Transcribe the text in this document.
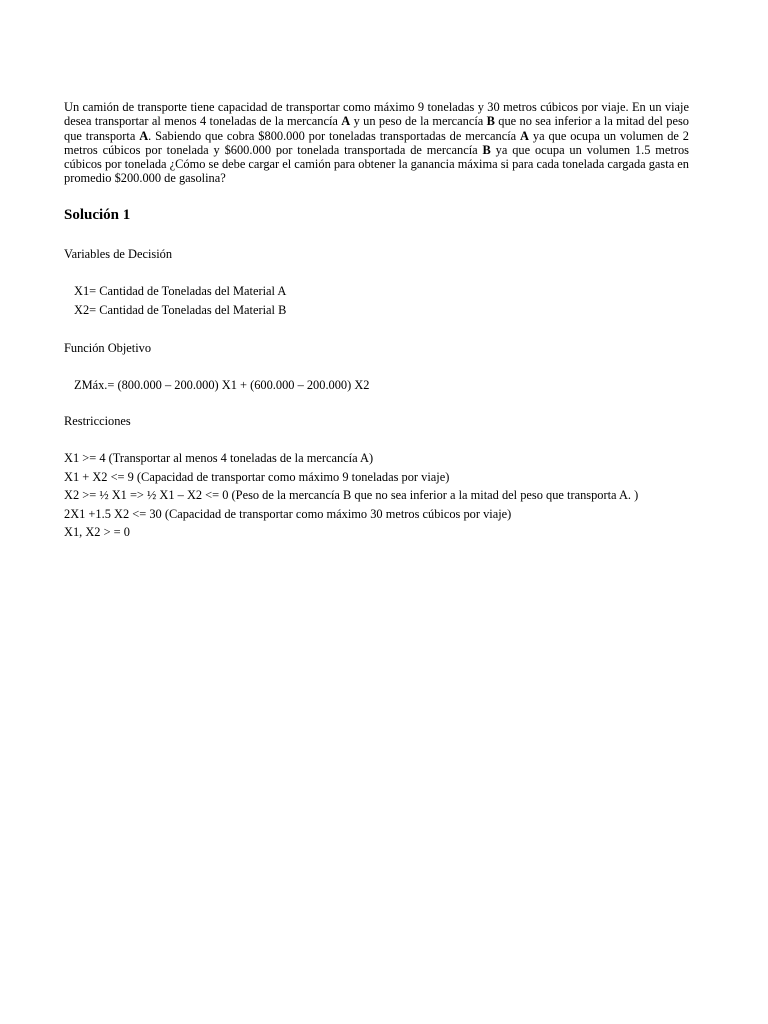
Un camión de transporte tiene capacidad de transportar como máximo 9 toneladas y 30 metros cúbicos por viaje. En un viaje desea transportar al menos 4 toneladas de la mercancía A y un peso de la mercancía B que no sea inferior a la mitad del peso que transporta A. Sabiendo que cobra $800.000 por toneladas transportadas de mercancía A ya que ocupa un volumen de 2 metros cúbicos por tonelada y $600.000 por tonelada transportada de mercancía B ya que ocupa un volumen 1.5 metros cúbicos por tonelada ¿Cómo se debe cargar el camión para obtener la ganancia máxima si para cada tonelada cargada gasta en promedio $200.000 de gasolina?

Solución 1

Variables de Decisión

X1= Cantidad de Toneladas del Material A

X2= Cantidad de Toneladas del Material B

Función Objetivo

ZMáx.= (800.000 – 200.000) X1 + (600.000 – 200.000) X2

Restricciones

X1 >= 4 (Transportar al menos 4 toneladas de la mercancía A)

X1 + X2 <= 9 (Capacidad de transportar como máximo 9 toneladas por viaje)

X2 >= ½ X1 => ½ X1 – X2 <= 0 (Peso de la mercancía B que no sea inferior a la mitad del peso que transporta A. )

2X1 +1.5 X2 <= 30 (Capacidad de transportar como máximo 30 metros cúbicos por viaje)

X1, X2 > = 0
